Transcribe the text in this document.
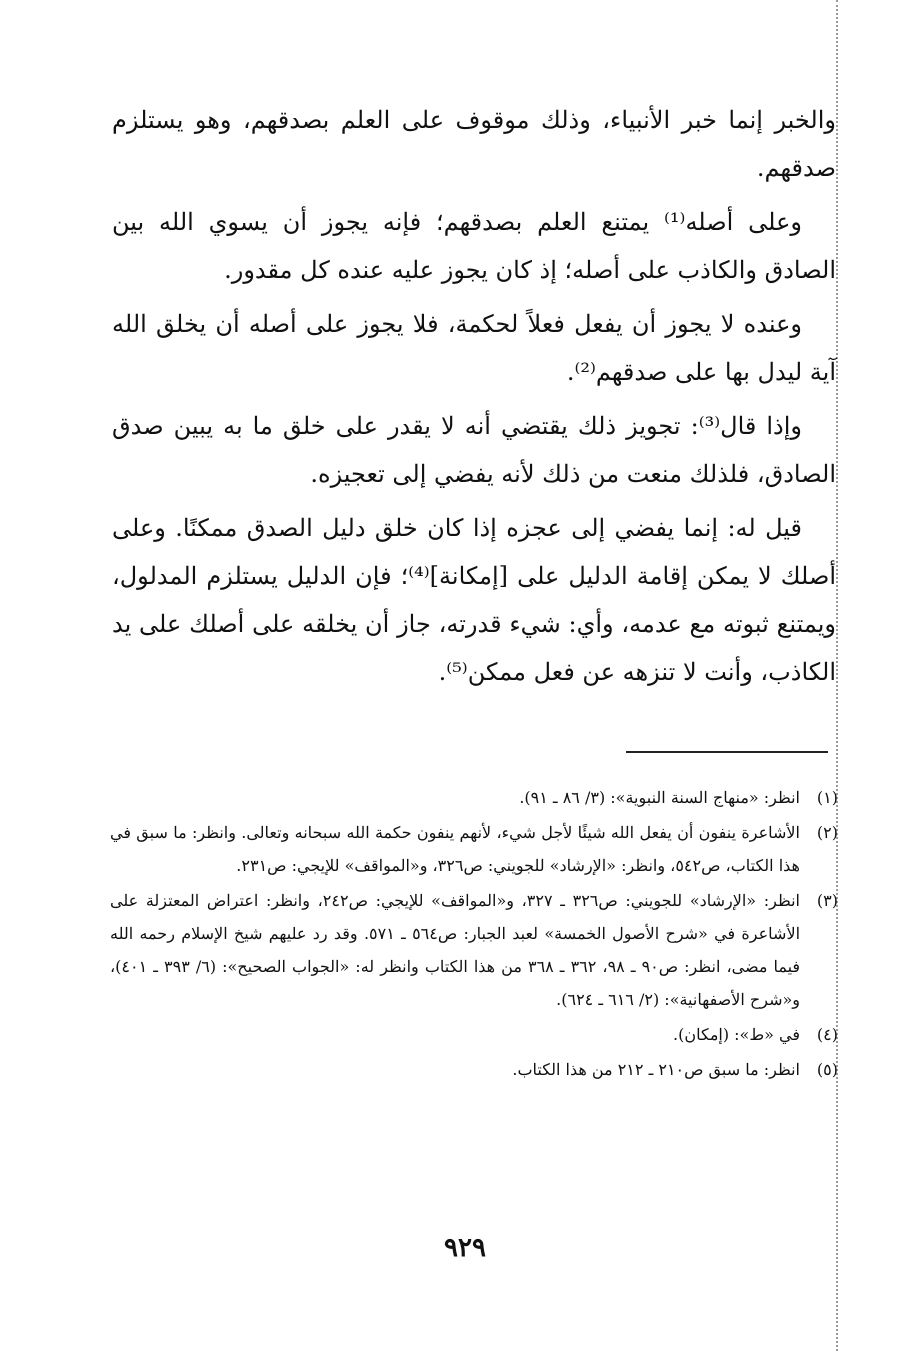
والخبر إنما خبر الأنبياء، وذلك موقوف على العلم بصدقهم، وهو يستلزم صدقهم.

وعلى أصله⁽¹⁾ يمتنع العلم بصدقهم؛ فإنه يجوز أن يسوي الله بين الصادق والكاذب على أصله؛ إذ كان يجوز عليه عنده كل مقدور.

وعنده لا يجوز أن يفعل فعلاً لحكمة، فلا يجوز على أصله أن يخلق الله آية ليدل بها على صدقهم⁽²⁾.

وإذا قال⁽³⁾: تجويز ذلك يقتضي أنه لا يقدر على خلق ما به يبين صدق الصادق، فلذلك منعت من ذلك لأنه يفضي إلى تعجيزه.

قيل له: إنما يفضي إلى عجزه إذا كان خلق دليل الصدق ممكنًا. وعلى أصلك لا يمكن إقامة الدليل على [إمكانة]⁽⁴⁾؛ فإن الدليل يستلزم المدلول، ويمتنع ثبوته مع عدمه، وأي: شيء قدرته، جاز أن يخلقه على أصلك على يد الكاذب، وأنت لا تنزهه عن فعل ممكن⁽⁵⁾.

(١)
انظر: «منهاج السنة النبوية»: (٣/ ٨٦ ـ ٩١).
(٢)
الأشاعرة ينفون أن يفعل الله شيئًا لأجل شيء، لأنهم ينفون حكمة الله سبحانه وتعالى. وانظر: ما سبق في هذا الكتاب، ص٥٤٢، وانظر: «الإرشاد» للجويني: ص٣٢٦، و«المواقف» للإيجي: ص٢٣١.
(٣)
انظر: «الإرشاد» للجويني: ص٣٢٦ ـ ٣٢٧، و«المواقف» للإيجي: ص٢٤٢، وانظر: اعتراض المعتزلة على الأشاعرة في «شرح الأصول الخمسة» لعبد الجبار: ص٥٦٤ ـ ٥٧١. وقد رد عليهم شيخ الإسلام رحمه الله فيما مضى، انظر: ص٩٠ ـ ٩٨، ٣٦٢ ـ ٣٦٨ من هذا الكتاب وانظر له: «الجواب الصحيح»: (٦/ ٣٩٣ ـ ٤٠١)، و«شرح الأصفهانية»: (٢/ ٦١٦ ـ ٦٢٤).
(٤)
في «ط»: (إمكان).
(٥)
انظر: ما سبق ص٢١٠ ـ ٢١٢ من هذا الكتاب.
٩٢٩
